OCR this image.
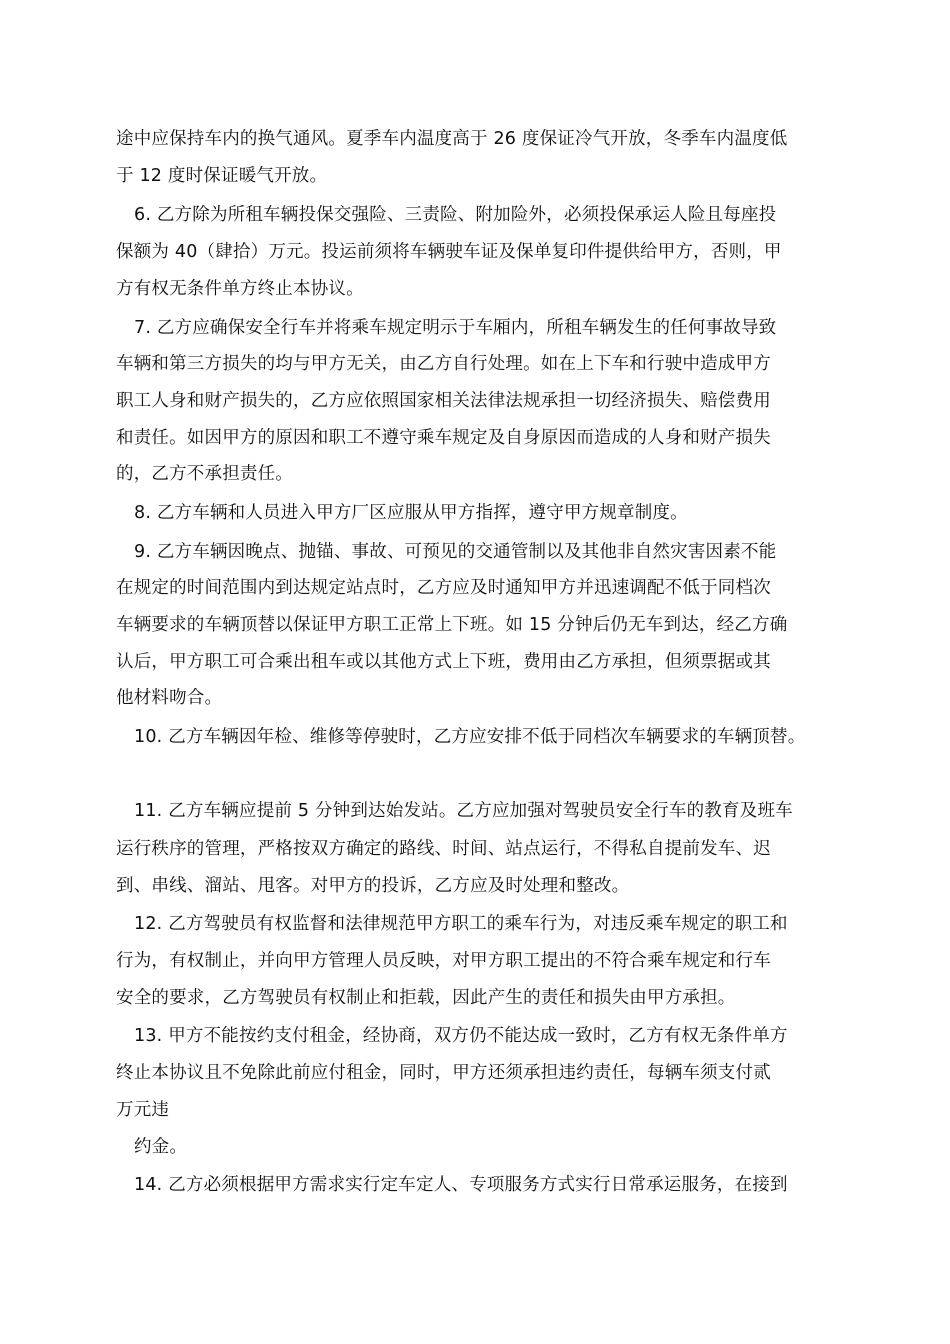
途中应保持车内的换气通风。夏季车内温度高于 26 度保证冷气开放，冬季车内温度低
于 12 度时保证暖气开放。
6. 乙方除为所租车辆投保交强险、三责险、附加险外，必须投保承运人险且每座投
保额为 40（肆拾）万元。投运前须将车辆驶车证及保单复印件提供给甲方，否则，甲
方有权无条件单方终止本协议。
7. 乙方应确保安全行车并将乘车规定明示于车厢内，所租车辆发生的任何事故导致
车辆和第三方损失的均与甲方无关，由乙方自行处理。如在上下车和行驶中造成甲方
职工人身和财产损失的，乙方应依照国家相关法律法规承担一切经济损失、赔偿费用
和责任。如因甲方的原因和职工不遵守乘车规定及自身原因而造成的人身和财产损失
的，乙方不承担责任。
8. 乙方车辆和人员进入甲方厂区应服从甲方指挥，遵守甲方规章制度。
9. 乙方车辆因晚点、抛锚、事故、可预见的交通管制以及其他非自然灾害因素不能
在规定的时间范围内到达规定站点时，乙方应及时通知甲方并迅速调配不低于同档次
车辆要求的车辆顶替以保证甲方职工正常上下班。如 15 分钟后仍无车到达，经乙方确
认后，甲方职工可合乘出租车或以其他方式上下班，费用由乙方承担，但须票据或其
他材料吻合。
10. 乙方车辆因年检、维修等停驶时，乙方应安排不低于同档次车辆要求的车辆顶替。
11. 乙方车辆应提前 5 分钟到达始发站。乙方应加强对驾驶员安全行车的教育及班车
运行秩序的管理，严格按双方确定的路线、时间、站点运行，不得私自提前发车、迟
到、串线、溜站、甩客。对甲方的投诉，乙方应及时处理和整改。
12. 乙方驾驶员有权监督和法律规范甲方职工的乘车行为，对违反乘车规定的职工和
行为，有权制止，并向甲方管理人员反映，对甲方职工提出的不符合乘车规定和行车
安全的要求，乙方驾驶员有权制止和拒载，因此产生的责任和损失由甲方承担。
13. 甲方不能按约支付租金，经协商，双方仍不能达成一致时，乙方有权无条件单方
终止本协议且不免除此前应付租金，同时，甲方还须承担违约责任，每辆车须支付贰
万元违
约金。
14. 乙方必须根据甲方需求实行定车定人、专项服务方式实行日常承运服务，在接到
